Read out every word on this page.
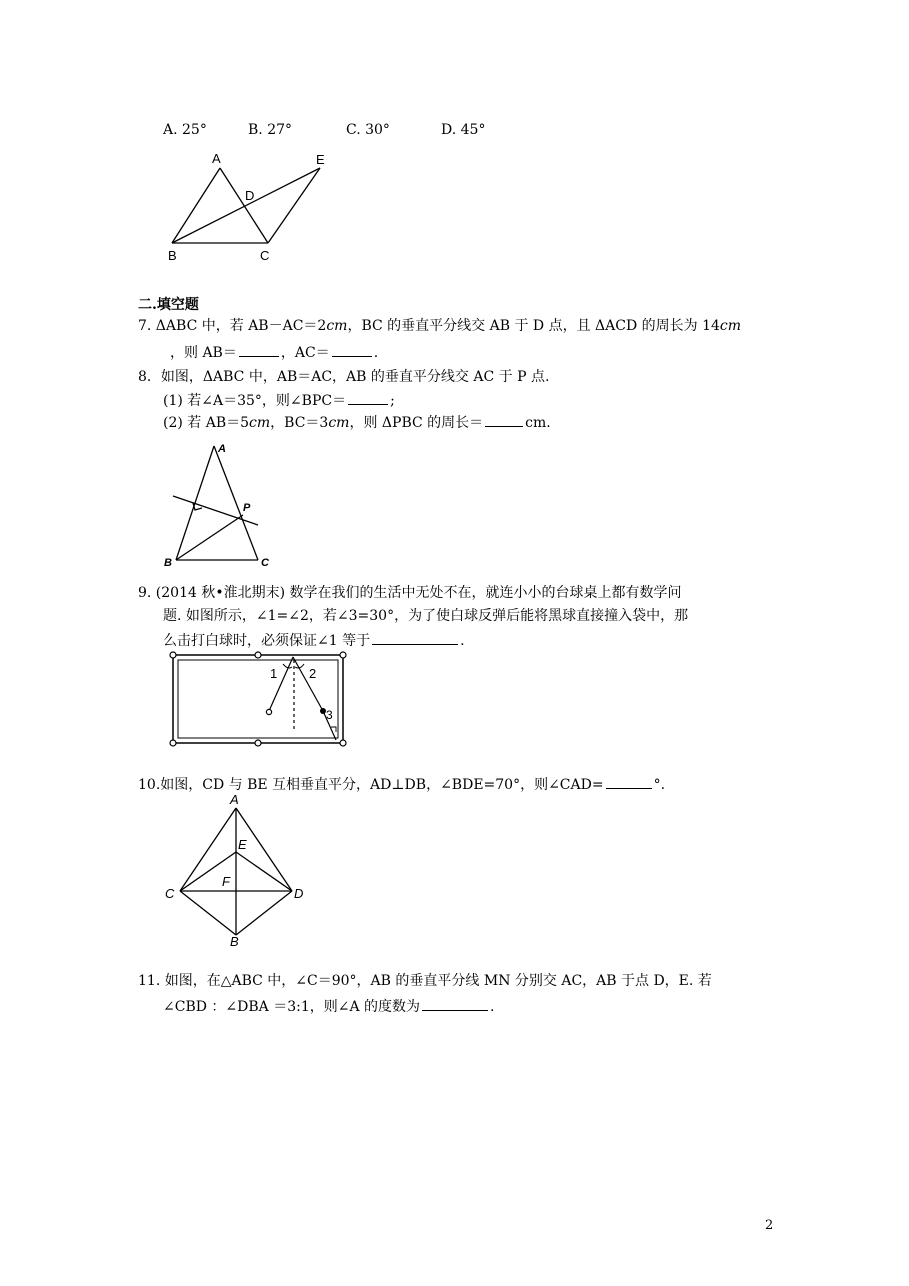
A. 25°	B. 27°	C. 30°	D. 45°
A	E
D
B	C
二.填空题
7. ΔABC 中，若 AB－AC＝2cm，BC 的垂直平分线交 AB 于 D 点，且 ΔACD 的周长为 14cm
，则 AB＝	，AC＝	.
8．如图，ΔABC 中，AB＝AC，AB 的垂直平分线交 AC 于 P 点.
(1) 若∠A＝35°，则∠BPC＝	;
(2) 若 AB＝5cm，BC＝3cm，则 ΔPBC 的周长＝	cm.
A
P
B	C
9. (2014 秋•淮北期末) 数学在我们的生活中无处不在，就连小小的台球桌上都有数学问
题. 如图所示，∠1=∠2，若∠3=30°，为了使白球反弹后能将黑球直接撞入袋中，那
么击打白球时，必须保证∠1 等于	.
1 2
3
10.如图，CD 与 BE 互相垂直平分，AD⊥DB，∠BDE=70°，则∠CAD=	°.
A
E
F
C	D
B
11. 如图，在△ABC 中，∠C＝90°，AB 的垂直平分线 MN 分别交 AC，AB 于点 D，E. 若
∠CBD ：∠DBA ＝3:1，则∠A 的度数为	.
2
